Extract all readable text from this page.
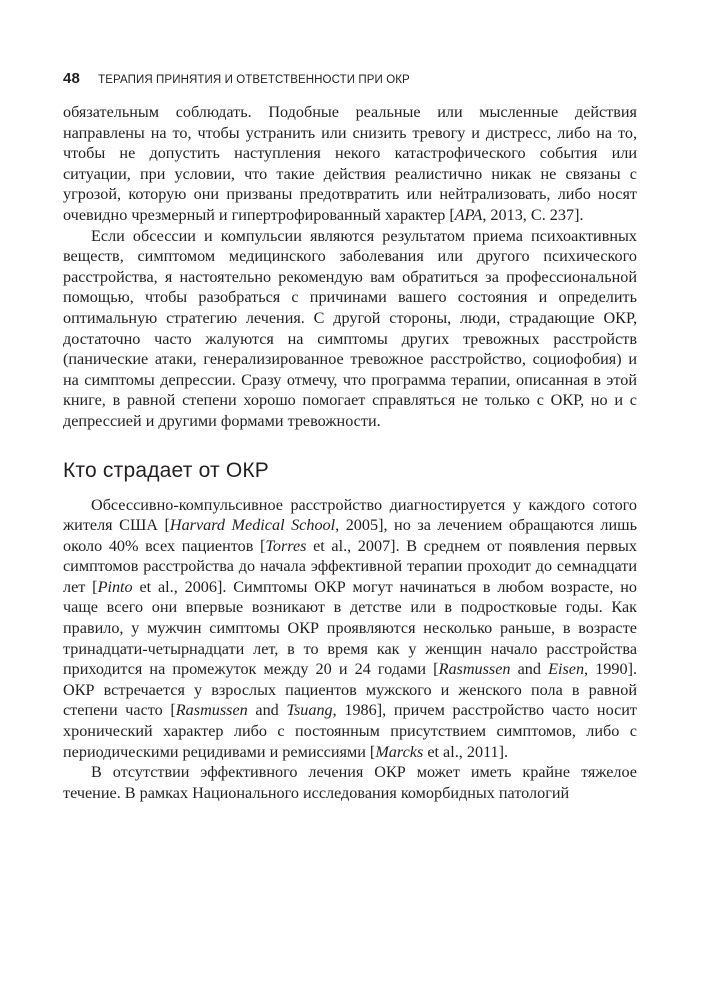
48 ТЕРАПИЯ ПРИНЯТИЯ И ОТВЕТСТВЕННОСТИ ПРИ ОКР

обязательным соблюдать. Подобные реальные или мысленные действия направлены на то, чтобы устранить или снизить тревогу и дистресс, либо на то, чтобы не допустить наступления некого катастрофического события или ситуации, при условии, что такие действия реалистично никак не связаны с угрозой, которую они призваны предотвратить или нейтрализовать, либо носят очевидно чрезмерный и гипертрофированный характер [APA, 2013, С. 237].

Если обсессии и компульсии являются результатом приема психоактивных веществ, симптомом медицинского заболевания или другого психического расстройства, я настоятельно рекомендую вам обратиться за профессиональной помощью, чтобы разобраться с причинами вашего состояния и определить оптимальную стратегию лечения. С другой стороны, люди, страдающие ОКР, достаточно часто жалуются на симптомы других тревожных расстройств (панические атаки, генерализированное тревожное расстройство, социофобия) и на симптомы депрессии. Сразу отмечу, что программа терапии, описанная в этой книге, в равной степени хорошо помогает справляться не только с ОКР, но и с депрессией и другими формами тревожности.

Кто страдает от ОКР

Обсессивно-компульсивное расстройство диагностируется у каждого сотого жителя США [Harvard Medical School, 2005], но за лечением обращаются лишь около 40% всех пациентов [Torres et al., 2007]. В среднем от появления первых симптомов расстройства до начала эффективной терапии проходит до семнадцати лет [Pinto et al., 2006]. Симптомы ОКР могут начинаться в любом возрасте, но чаще всего они впервые возникают в детстве или в подростковые годы. Как правило, у мужчин симптомы ОКР проявляются несколько раньше, в возрасте тринадцати-четырнадцати лет, в то время как у женщин начало расстройства приходится на промежуток между 20 и 24 годами [Rasmussen and Eisen, 1990]. ОКР встречается у взрослых пациентов мужского и женского пола в равной степени часто [Rasmussen and Tsuang, 1986], причем расстройство часто носит хронический характер либо с постоянным присутствием симптомов, либо с периодическими рецидивами и ремиссиями [Marcks et al., 2011].

В отсутствии эффективного лечения ОКР может иметь крайне тяжелое течение. В рамках Национального исследования коморбидных патологий
